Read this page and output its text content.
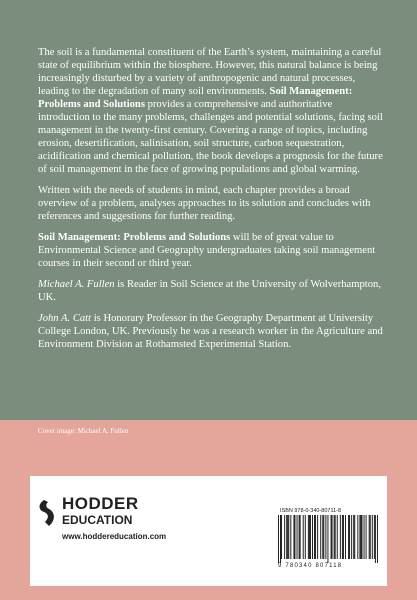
The soil is a fundamental constituent of the Earth’s system, maintaining a careful state of equilibrium within the biosphere. However, this natural balance is being increasingly disturbed by a variety of anthropogenic and natural processes, leading to the degradation of many soil environments. Soil Management: Problems and Solutions provides a comprehensive and authoritative introduction to the many problems, challenges and potential solutions, facing soil management in the twenty-first century. Covering a range of topics, including erosion, desertification, salinisation, soil structure, carbon sequestration, acidification and chemical pollution, the book develops a prognosis for the future of soil management in the face of growing populations and global warming.

Written with the needs of students in mind, each chapter provides a broad overview of a problem, analyses approaches to its solution and concludes with references and suggestions for further reading.

Soil Management: Problems and Solutions will be of great value to Environmental Science and Geography undergraduates taking soil management courses in their second or third year.

Michael A. Fullen is Reader in Soil Science at the University of Wolverhampton, UK.

John A. Catt is Honorary Professor in the Geography Department at University College London, UK. Previously he was a research worker in the Agriculture and Environment Division at Rothamsted Experimental Station.

Cover image: Michael A. Fullen
HODDER
EDUCATION
www.hoddereducation.com
ISBN 978-0-340-80711-8
9 780340 807118
